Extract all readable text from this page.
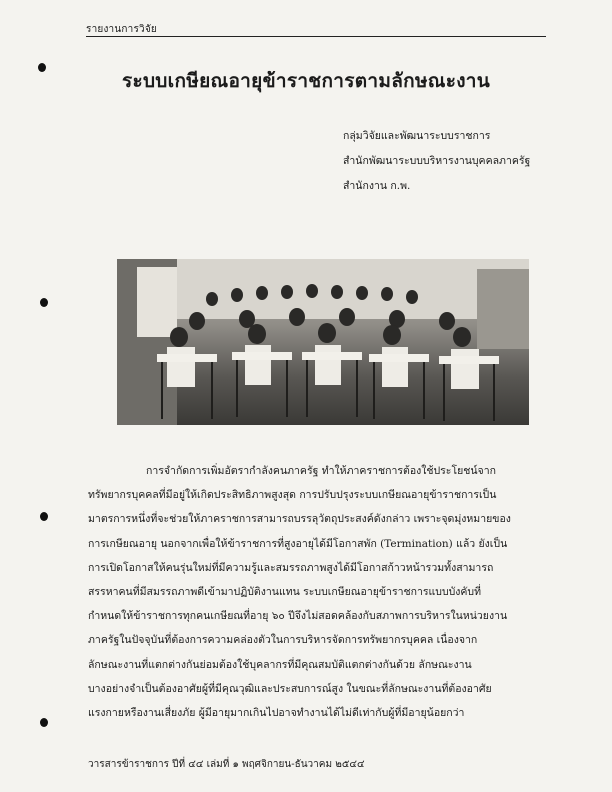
รายงานการวิจัย
ระบบเกษียณอายุข้าราชการตามลักษณะงาน
กลุ่มวิจัยและพัฒนาระบบราชการ
สำนักพัฒนาระบบบริหารงานบุคคลภาครัฐ
สำนักงาน ก.พ.
การจำกัดการเพิ่มอัตรากำลังคนภาครัฐ ทำให้ภาคราชการต้องใช้ประโยชน์จาก
ทรัพยากรบุคคลที่มีอยู่ให้เกิดประสิทธิภาพสูงสุด การปรับปรุงระบบเกษียณอายุข้าราชการเป็น
มาตรการหนึ่งที่จะช่วยให้ภาคราชการสามารถบรรลุวัตถุประสงค์ดังกล่าว เพราะจุดมุ่งหมายของ
การเกษียณอายุ นอกจากเพื่อให้ข้าราชการที่สูงอายุได้มีโอกาสพัก (Termination) แล้ว ยังเป็น
การเปิดโอกาสให้คนรุ่นใหม่ที่มีความรู้และสมรรถภาพสูงได้มีโอกาสก้าวหน้ารวมทั้งสามารถ
สรรหาคนที่มีสมรรถภาพดีเข้ามาปฏิบัติงานแทน ระบบเกษียณอายุข้าราชการแบบบังคับที่
กำหนดให้ข้าราชการทุกคนเกษียณที่อายุ ๖๐ ปีจึงไม่สอดคล้องกับสภาพการบริหารในหน่วยงาน
ภาครัฐในปัจจุบันที่ต้องการความคล่องตัวในการบริหารจัดการทรัพยากรบุคคล เนื่องจาก
ลักษณะงานที่แตกต่างกันย่อมต้องใช้บุคลากรที่มีคุณสมบัติแตกต่างกันด้วย ลักษณะงาน
บางอย่างจำเป็นต้องอาศัยผู้ที่มีคุณวุฒิและประสบการณ์สูง ในขณะที่ลักษณะงานที่ต้องอาศัย
แรงกายหรืองานเสี่ยงภัย ผู้มีอายุมากเกินไปอาจทำงานได้ไม่ดีเท่ากับผู้ที่มีอายุน้อยกว่า
วารสารข้าราชการ ปีที่ ๔๔ เล่มที่ ๑ พฤศจิกายน-ธันวาคม ๒๕๔๔
